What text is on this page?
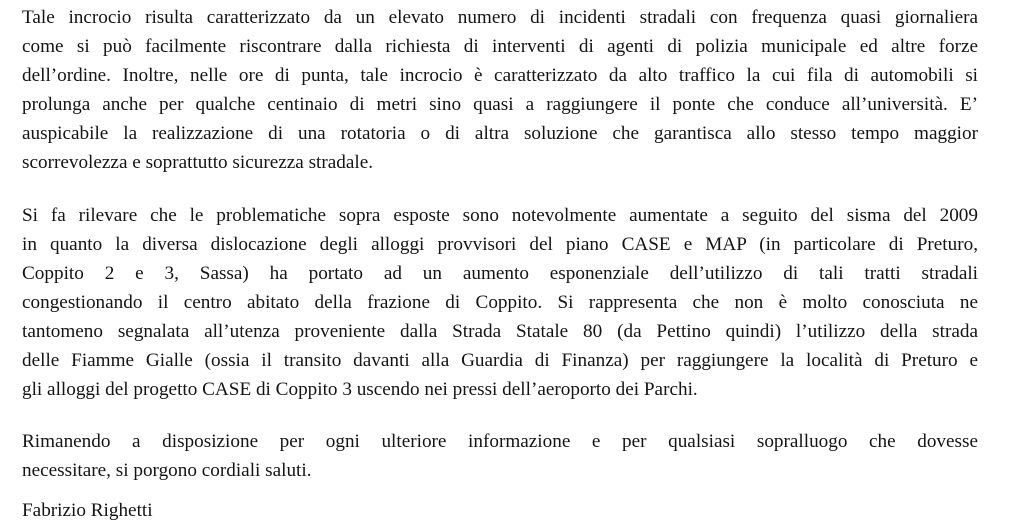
Tale incrocio risulta caratterizzato da un elevato numero di incidenti stradali con frequenza quasi giornaliera
come si può facilmente riscontrare dalla richiesta di interventi di agenti di polizia municipale ed altre forze
dell’ordine. Inoltre, nelle ore di punta, tale incrocio è caratterizzato da alto traffico la cui fila di automobili si
prolunga anche per qualche centinaio di metri sino quasi a raggiungere il ponte che conduce all’università. E’
auspicabile la realizzazione di una rotatoria o di altra soluzione che garantisca allo stesso tempo maggior
scorrevolezza e soprattutto sicurezza stradale.
Si fa rilevare che le problematiche sopra esposte sono notevolmente aumentate a seguito del sisma del 2009
in quanto la diversa dislocazione degli alloggi provvisori del piano CASE e MAP (in particolare di Preturo,
Coppito 2 e 3, Sassa) ha portato ad un aumento esponenziale dell’utilizzo di tali tratti stradali
congestionando il centro abitato della frazione di Coppito. Si rappresenta che non è molto conosciuta ne
tantomeno segnalata all’utenza proveniente dalla Strada Statale 80 (da Pettino quindi) l’utilizzo della strada
delle Fiamme Gialle (ossia il transito davanti alla Guardia di Finanza) per raggiungere la località di Preturo e
gli alloggi del progetto CASE di Coppito 3 uscendo nei pressi dell’aeroporto dei Parchi.
Rimanendo a disposizione per ogni ulteriore informazione e per qualsiasi sopralluogo che dovesse
necessitare, si porgono cordiali saluti.
Fabrizio Righetti
